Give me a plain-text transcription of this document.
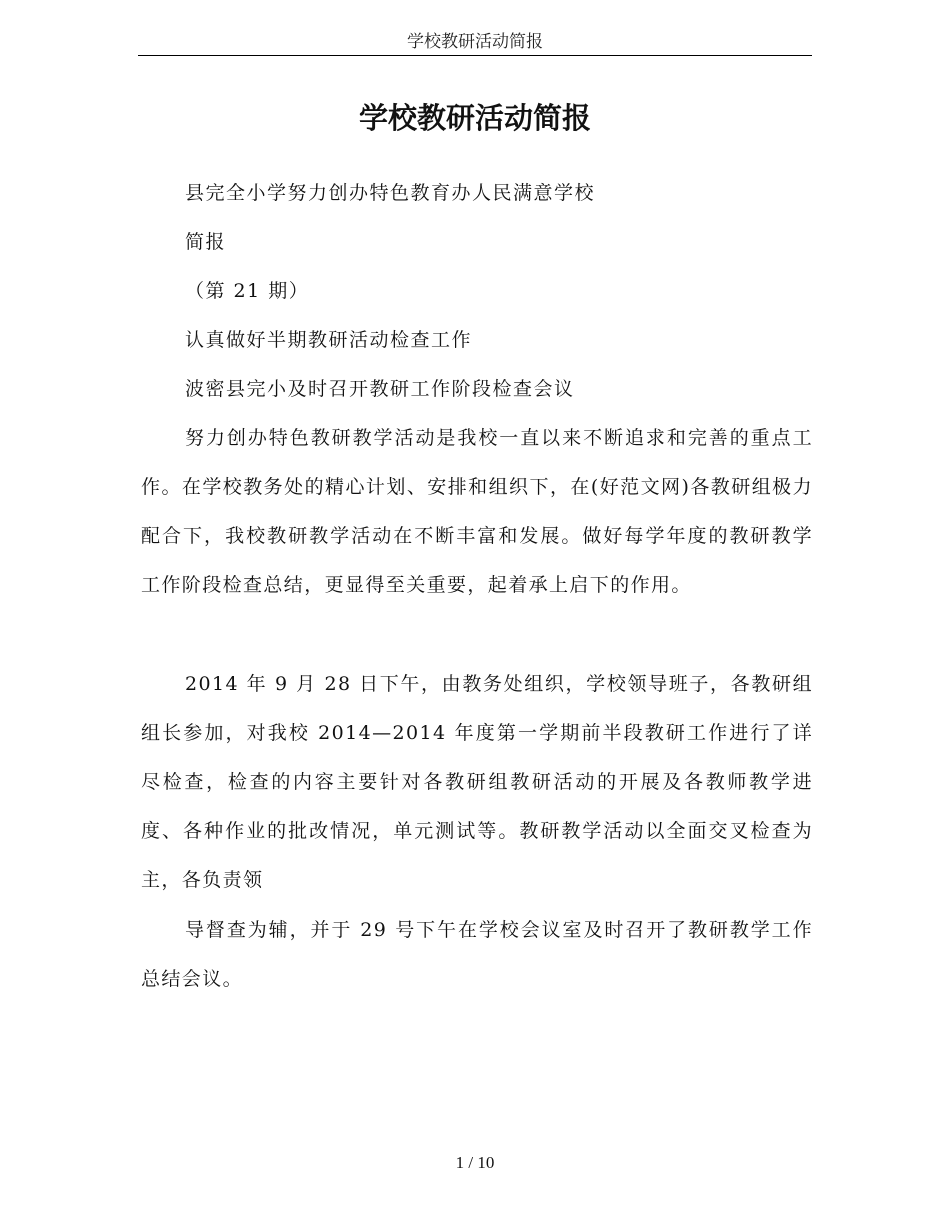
学校教研活动简报
学校教研活动简报
县完全小学努力创办特色教育办人民满意学校
简报
（第 21 期）
认真做好半期教研活动检查工作
波密县完小及时召开教研工作阶段检查会议
努力创办特色教研教学活动是我校一直以来不断追求和完善的重点工作。在学校教务处的精心计划、安排和组织下，在(好范文网)各教研组极力配合下，我校教研教学活动在不断丰富和发展。做好每学年度的教研教学工作阶段检查总结，更显得至关重要，起着承上启下的作用。
2014 年 9 月 28 日下午，由教务处组织，学校领导班子，各教研组组长参加，对我校 2014—2014 年度第一学期前半段教研工作进行了详尽检查，检查的内容主要针对各教研组教研活动的开展及各教师教学进度、各种作业的批改情况，单元测试等。教研教学活动以全面交叉检查为主，各负责领
导督查为辅，并于 29 号下午在学校会议室及时召开了教研教学工作总结会议。
1 / 10
